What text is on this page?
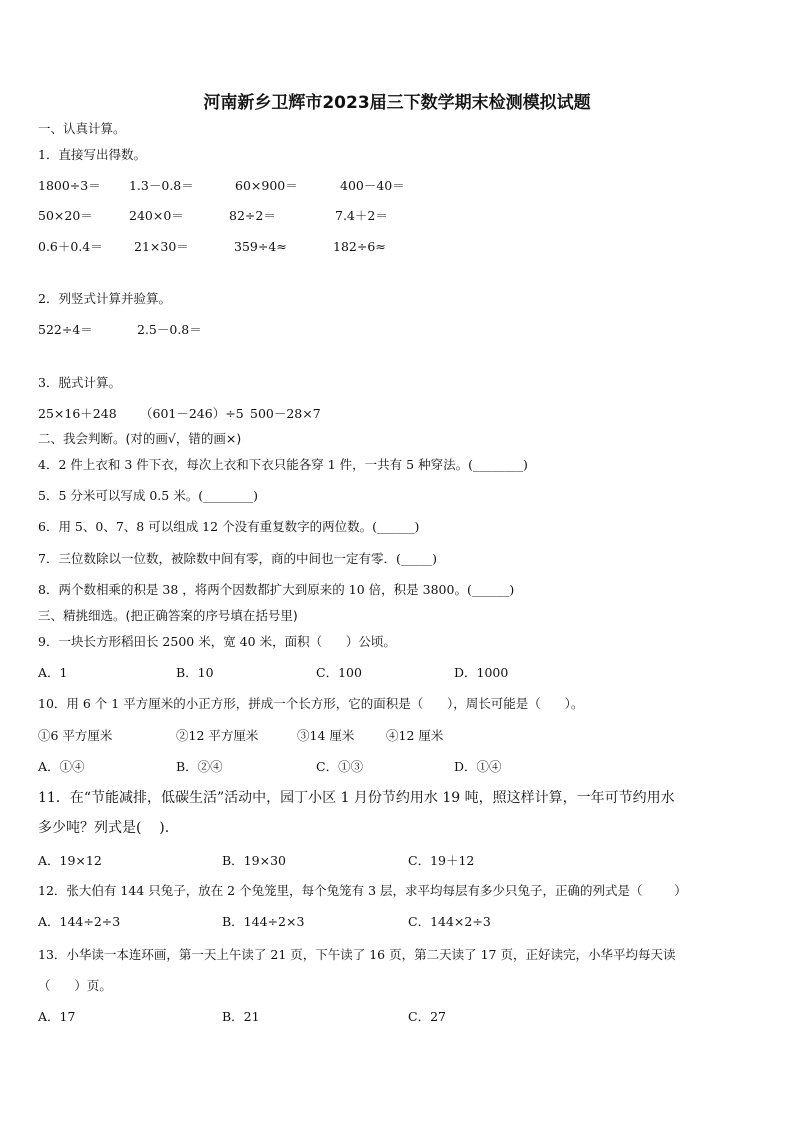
河南新乡卫辉市2023届三下数学期末检测模拟试题
一、认真计算。
1．直接写出得数。
1800÷3＝ 1.3－0.8＝	60×900＝	400－40＝
50×20＝	240×0＝	82÷2＝	7.4＋2＝
0.6＋0.4＝ 21×30＝	359÷4≈	182÷6≈
2．列竖式计算并验算。
522÷4＝	2.5－0.8＝
3．脱式计算。
25×16＋248 （601－246）÷5 500－28×7
二、我会判断。(对的画√，错的画×)
4．2 件上衣和 3 件下衣，每次上衣和下衣只能各穿 1 件，一共有 5 种穿法。(________)
5．5 分米可以写成 0.5 米。(________)
6．用 5、0、7、8 可以组成 12 个没有重复数字的两位数。(______)
7．三位数除以一位数，被除数中间有零，商的中间也一定有零．(_____)
8．两个数相乘的积是 38 ，将两个因数都扩大到原来的 10 倍，积是 3800。(______)
三、精挑细选。(把正确答案的序号填在括号里)
9．一块长方形稻田长 2500 米，宽 40 米，面积（      ）公顷。
A．1	B．10	C．100	D．1000
10．用 6 个 1 平方厘米的小正方形，拼成一个长方形，它的面积是（      ），周长可能是（      ）。
①6 平方厘米	②12 平方厘米	③14 厘米	④12 厘米
A．①④	B．②④	C．①③	D．①④
11．在“节能减排，低碳生活”活动中，园丁小区 1 月份节约用水 19 吨，照这样计算，一年可节约用水
多少吨？列式是(    ).
A．19×12	B．19×30	C．19＋12
12．张大伯有 144 只兔子，放在 2 个兔笼里，每个兔笼有 3 层，求平均每层有多少只兔子，正确的列式是（        ）
A．144÷2÷3	B．144÷2×3	C．144×2÷3
13．小华读一本连环画，第一天上午读了 21 页，下午读了 16 页，第二天读了 17 页，正好读完，小华平均每天读
（      ）页。
A．17	B．21	C．27
